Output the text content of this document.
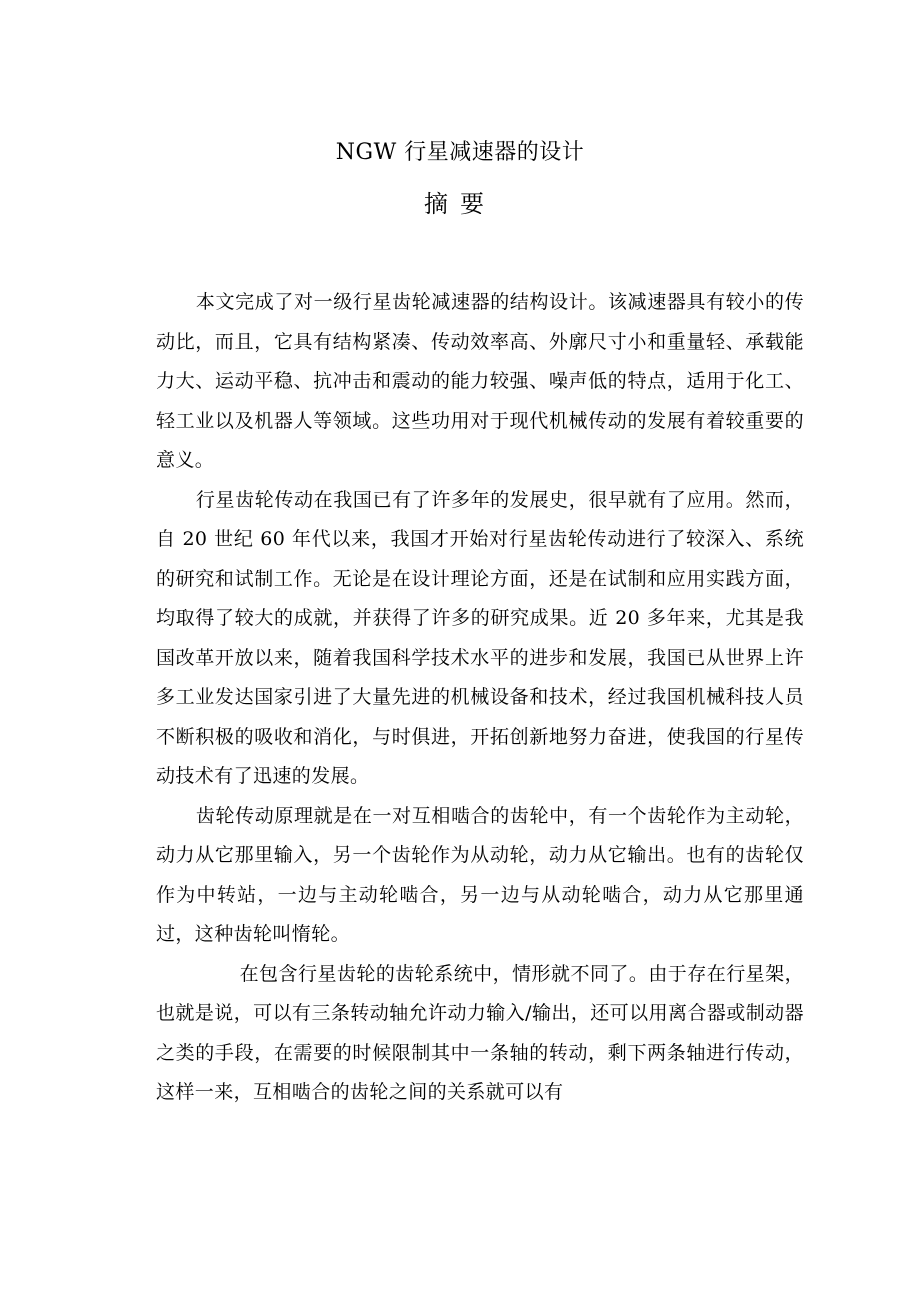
NGW 行星减速器的设计
摘要

本文完成了对一级行星齿轮减速器的结构设计。该减速器具有较小的传动比，而且，它具有结构紧凑、传动效率高、外廓尺寸小和重量轻、承载能力大、运动平稳、抗冲击和震动的能力较强、噪声低的特点，适用于化工、轻工业以及机器人等领域。这些功用对于现代机械传动的发展有着较重要的意义。

行星齿轮传动在我国已有了许多年的发展史，很早就有了应用。然而，自 20 世纪 60 年代以来，我国才开始对行星齿轮传动进行了较深入、系统的研究和试制工作。无论是在设计理论方面，还是在试制和应用实践方面，均取得了较大的成就，并获得了许多的研究成果。近 20 多年来，尤其是我国改革开放以来，随着我国科学技术水平的进步和发展，我国已从世界上许多工业发达国家引进了大量先进的机械设备和技术，经过我国机械科技人员不断积极的吸收和消化，与时俱进，开拓创新地努力奋进，使我国的行星传动技术有了迅速的发展。

齿轮传动原理就是在一对互相啮合的齿轮中，有一个齿轮作为主动轮，动力从它那里输入，另一个齿轮作为从动轮，动力从它输出。也有的齿轮仅作为中转站，一边与主动轮啮合，另一边与从动轮啮合，动力从它那里通过，这种齿轮叫惰轮。

在包含行星齿轮的齿轮系统中，情形就不同了。由于存在行星架，也就是说，可以有三条转动轴允许动力输入/输出，还可以用离合器或制动器之类的手段，在需要的时候限制其中一条轴的转动，剩下两条轴进行传动，这样一来，互相啮合的齿轮之间的关系就可以有
